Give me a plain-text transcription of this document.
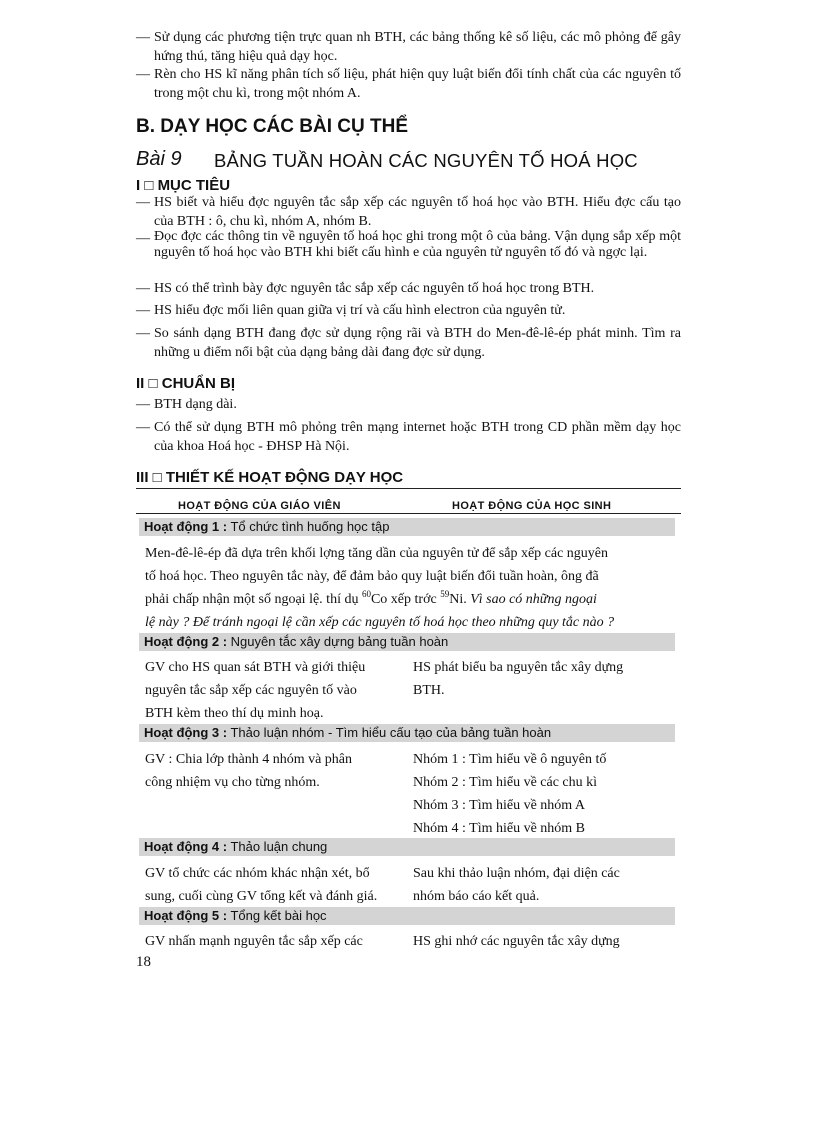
— Sử dụng các phương tiện trực quan nh BTH, các bảng thống kê số liệu, các mô phỏng để gây hứng thú, tăng hiệu quả dạy học.
— Rèn cho HS kĩ năng phân tích số liệu, phát hiện quy luật biến đổi tính chất của các nguyên tố trong một chu kì, trong một nhóm A.
B. DẠY HỌC CÁC BÀI CỤ THỂ
Bài 9 BẢNG TUẦN HOÀN CÁC NGUYÊN TỐ HOÁ HỌC
I □ MỤC TIÊU
— HS biết và hiểu đợc nguyên tắc sắp xếp các nguyên tố hoá học vào BTH. Hiểu đợc cấu tạo của BTH : ô, chu kì, nhóm A, nhóm B.
— Đọc đợc các thông tin về nguyên tố hoá học ghi trong một ô của bảng. Vận dụng sắp xếp một nguyên tố hoá học vào BTH khi biết cấu hình e của nguyên tử nguyên tố đó và ngợc lại.
— HS có thể trình bày đợc nguyên tắc sắp xếp các nguyên tố hoá học trong BTH.
— HS hiểu đợc mối liên quan giữa vị trí và cấu hình electron của nguyên tử.
— So sánh dạng BTH đang đợc sử dụng rộng rãi và BTH do Men-đê-lê-ép phát minh. Tìm ra những u điểm nổi bật của dạng bảng dài đang đợc sử dụng.
II □ CHUẨN BỊ
— BTH dạng dài.
— Có thể sử dụng BTH mô phỏng trên mạng internet hoặc BTH trong CD phần mềm dạy học của khoa Hoá học - ĐHSP Hà Nội.
III □ THIẾT KẾ HOẠT ĐỘNG DẠY HỌC
HOẠT ĐỘNG CỦA GIÁO VIÊN	HOẠT ĐỘNG CỦA HỌC SINH
Hoạt động 1 : Tổ chức tình huống học tập
Men-đê-lê-ép đã dựa trên khối lợng tăng dần của nguyên tử để sắp xếp các nguyên
tố hoá học. Theo nguyên tắc này, để đảm bảo quy luật biến đổi tuần hoàn, ông đã
phải chấp nhận một số ngoại lệ. thí dụ $^{60}$Co xếp trớc $^{59}$Ni. Vì sao có những ngoại
lệ này ? Để tránh ngoại lệ cần xếp các nguyên tố hoá học theo những quy tắc nào ?
Hoạt động 2 : Nguyên tắc xây dựng bảng tuần hoàn
GV cho HS quan sát BTH và giới thiệu
nguyên tắc sắp xếp các nguyên tố vào
BTH kèm theo thí dụ minh hoạ.
HS phát biểu ba nguyên tắc xây dựng
BTH.
Hoạt động 3 : Thảo luận nhóm - Tìm hiểu cấu tạo của bảng tuần hoàn
GV : Chia lớp thành 4 nhóm và phân
công nhiệm vụ cho từng nhóm.
Nhóm 1 : Tìm hiểu về ô nguyên tố
Nhóm 2 : Tìm hiểu về các chu kì
Nhóm 3 : Tìm hiểu về nhóm A
Nhóm 4 : Tìm hiểu về nhóm B
Hoạt động 4 : Thảo luận chung
GV tổ chức các nhóm khác nhận xét, bổ
sung, cuối cùng GV tổng kết và đánh giá.
Sau khi thảo luận nhóm, đại diện các
nhóm báo cáo kết quả.
Hoạt động 5 : Tổng kết bài học
GV nhấn mạnh nguyên tắc sắp xếp các	HS ghi nhớ các nguyên tắc xây dựng
18
